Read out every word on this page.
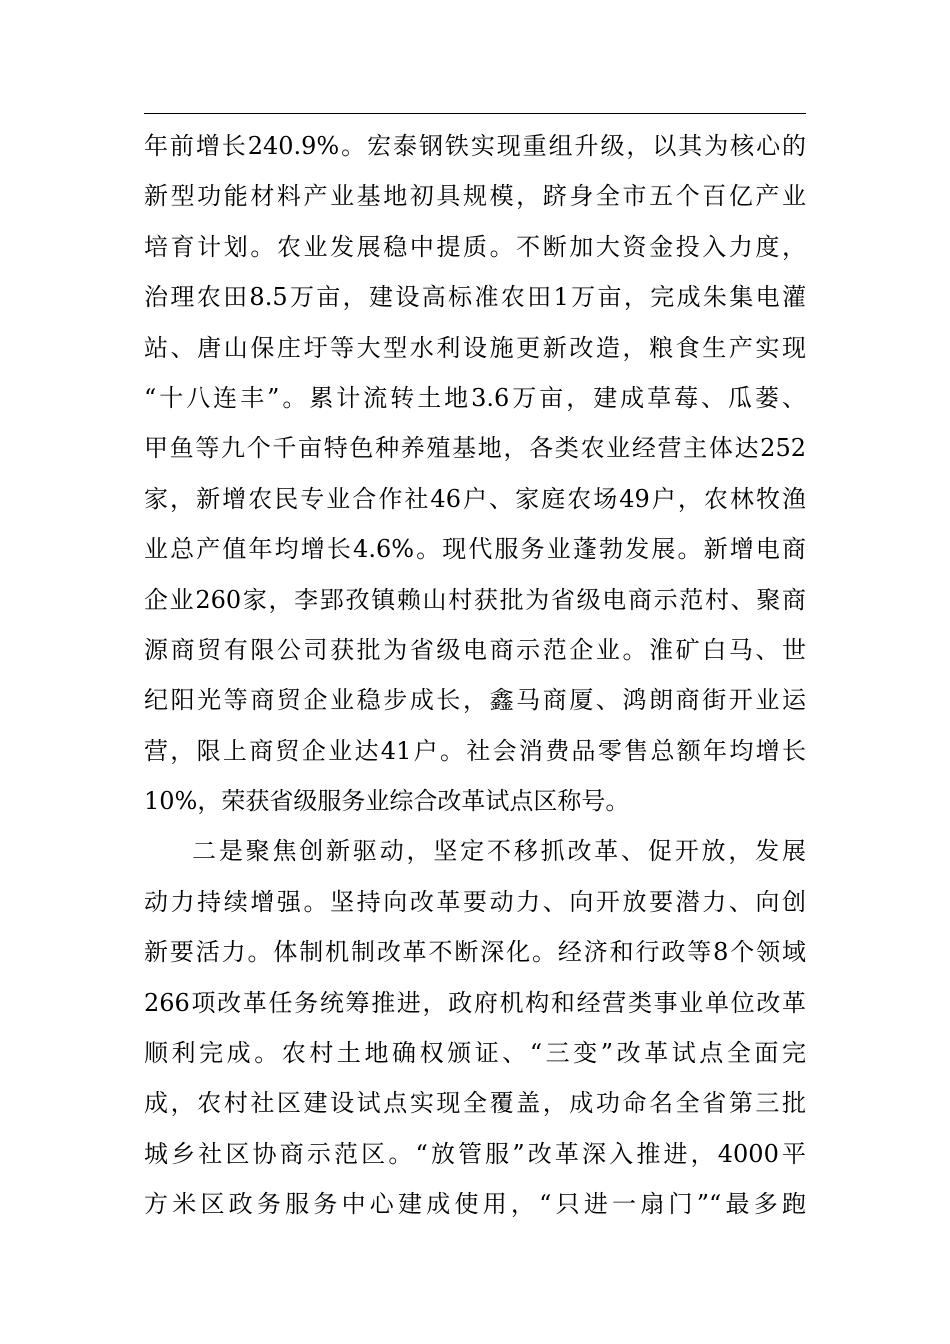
年前增长240.9%。宏泰钢铁实现重组升级，以其为核心的
新型功能材料产业基地初具规模，跻身全市五个百亿产业
培育计划。农业发展稳中提质。不断加大资金投入力度，
治理农田8.5万亩，建设高标准农田1万亩，完成朱集电灌
站、唐山保庄圩等大型水利设施更新改造，粮食生产实现
“十八连丰”。累计流转土地3.6万亩，建成草莓、瓜蒌、
甲鱼等九个千亩特色种养殖基地，各类农业经营主体达252
家，新增农民专业合作社46户、家庭农场49户，农林牧渔
业总产值年均增长4.6%。现代服务业蓬勃发展。新增电商
企业260家，李郢孜镇赖山村获批为省级电商示范村、聚商
源商贸有限公司获批为省级电商示范企业。淮矿白马、世
纪阳光等商贸企业稳步成长，鑫马商厦、鸿朗商街开业运
营，限上商贸企业达41户。社会消费品零售总额年均增长
10%，荣获省级服务业综合改革试点区称号。
二是聚焦创新驱动，坚定不移抓改革、促开放，发展
动力持续增强。坚持向改革要动力、向开放要潜力、向创
新要活力。体制机制改革不断深化。经济和行政等8个领域
266项改革任务统筹推进，政府机构和经营类事业单位改革
顺利完成。农村土地确权颁证、“三变”改革试点全面完
成，农村社区建设试点实现全覆盖，成功命名全省第三批
城乡社区协商示范区。“放管服”改革深入推进，4000平
方米区政务服务中心建成使用，“只进一扇门”“最多跑
